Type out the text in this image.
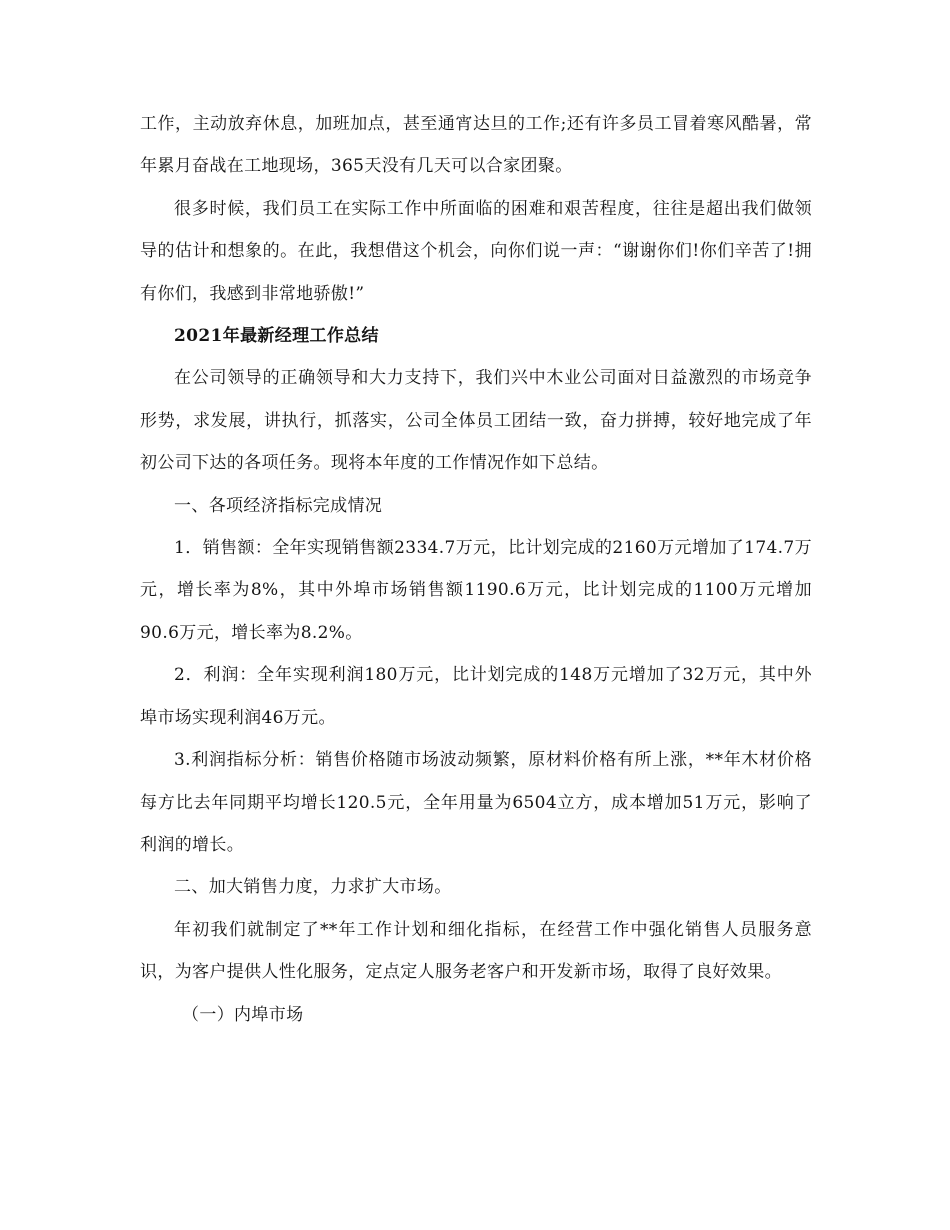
工作，主动放弃休息，加班加点，甚至通宵达旦的工作;还有许多员工冒着寒风酷暑，常年累月奋战在工地现场，365天没有几天可以合家团聚。

很多时候，我们员工在实际工作中所面临的困难和艰苦程度，往往是超出我们做领导的估计和想象的。在此，我想借这个机会，向你们说一声：“谢谢你们!你们辛苦了!拥有你们，我感到非常地骄傲!”

2021年最新经理工作总结

在公司领导的正确领导和大力支持下，我们兴中木业公司面对日益激烈的市场竞争形势，求发展，讲执行，抓落实，公司全体员工团结一致，奋力拼搏，较好地完成了年初公司下达的各项任务。现将本年度的工作情况作如下总结。

一、各项经济指标完成情况

1．销售额：全年实现销售额2334.7万元，比计划完成的2160万元增加了174.7万元，增长率为8%，其中外埠市场销售额1190.6万元，比计划完成的1100万元增加90.6万元，增长率为8.2%。

2．利润：全年实现利润180万元，比计划完成的148万元增加了32万元，其中外埠市场实现利润46万元。

3.利润指标分析：销售价格随市场波动频繁，原材料价格有所上涨，**年木材价格每方比去年同期平均增长120.5元，全年用量为6504立方，成本增加51万元，影响了利润的增长。

二、加大销售力度，力求扩大市场。

年初我们就制定了**年工作计划和细化指标，在经营工作中强化销售人员服务意识，为客户提供人性化服务，定点定人服务老客户和开发新市场，取得了良好效果。

（一）内埠市场
